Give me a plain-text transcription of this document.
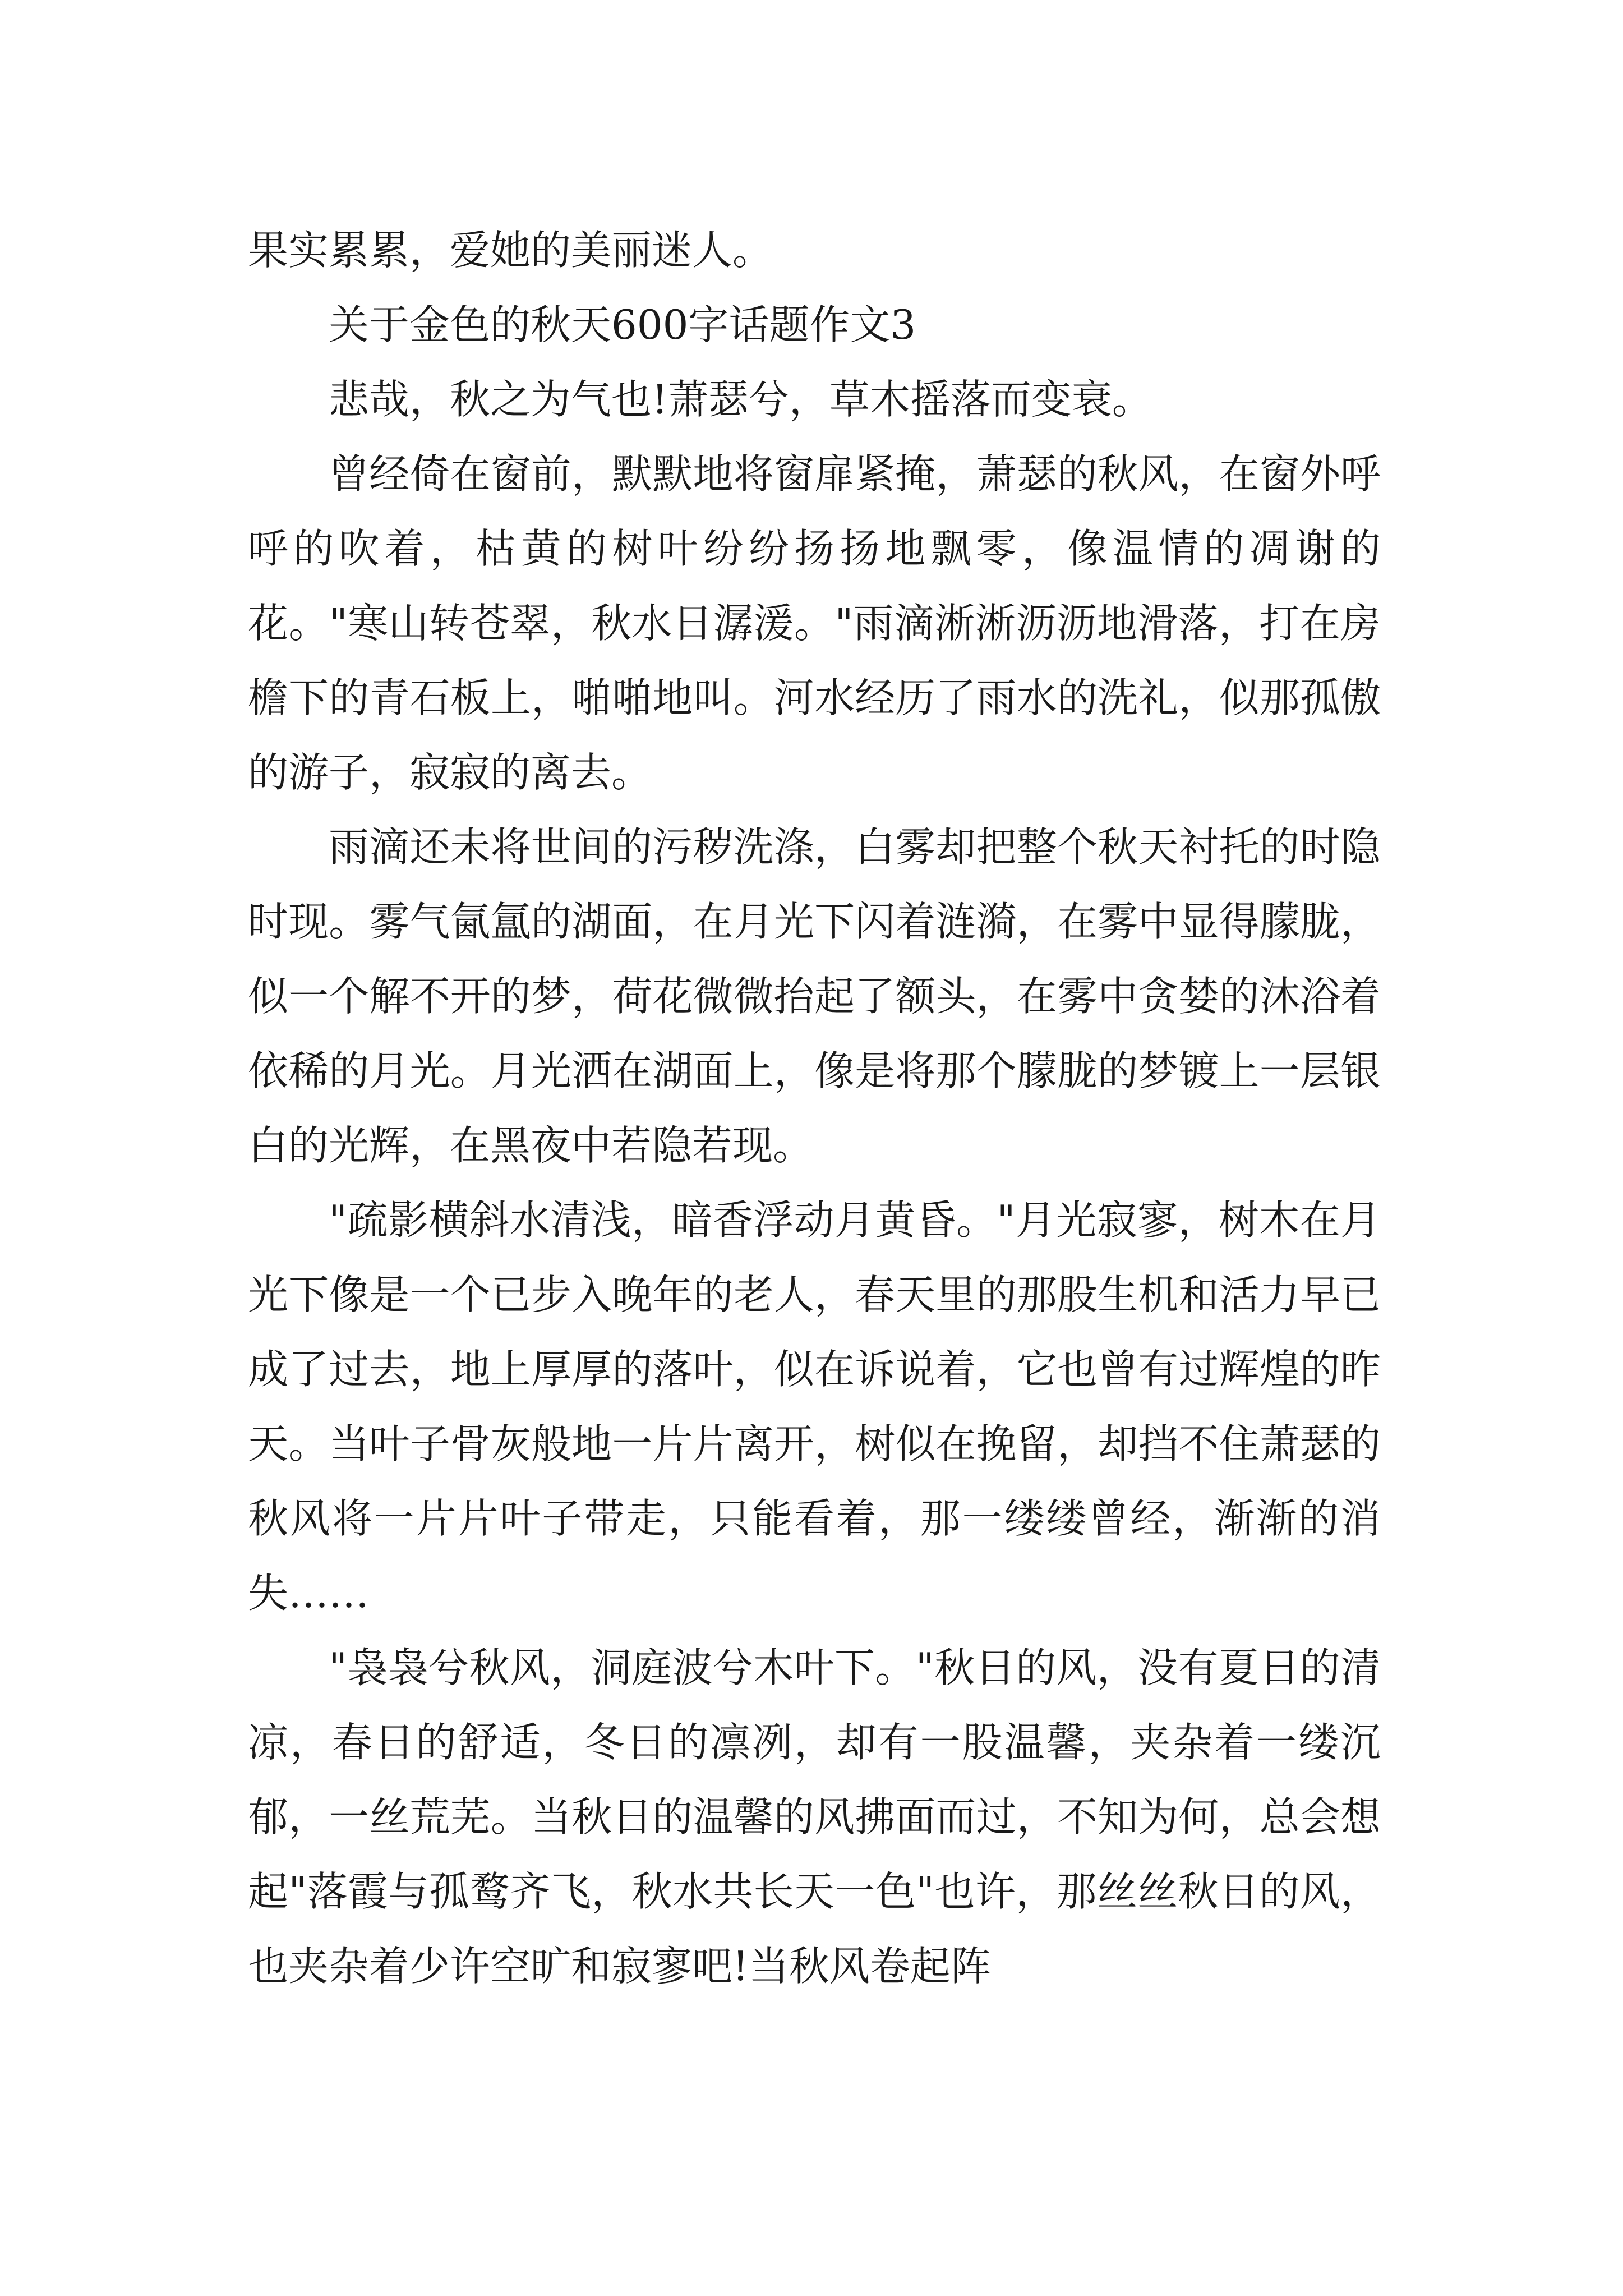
果实累累，爱她的美丽迷人。

关于金色的秋天600字话题作文3

悲哉，秋之为气也!萧瑟兮，草木摇落而变衰。

曾经倚在窗前，默默地将窗扉紧掩，萧瑟的秋风，在窗外呼呼的吹着，枯黄的树叶纷纷扬扬地飘零，像温情的凋谢的花。"寒山转苍翠，秋水日潺湲。"雨滴淅淅沥沥地滑落，打在房檐下的青石板上，啪啪地叫。河水经历了雨水的洗礼，似那孤傲的游子，寂寂的离去。

雨滴还未将世间的污秽洗涤，白雾却把整个秋天衬托的时隐时现。雾气氤氲的湖面，在月光下闪着涟漪，在雾中显得朦胧，似一个解不开的梦，荷花微微抬起了额头，在雾中贪婪的沐浴着依稀的月光。月光洒在湖面上，像是将那个朦胧的梦镀上一层银白的光辉，在黑夜中若隐若现。

"疏影横斜水清浅，暗香浮动月黄昏。"月光寂寥，树木在月光下像是一个已步入晚年的老人，春天里的那股生机和活力早已成了过去，地上厚厚的落叶，似在诉说着，它也曾有过辉煌的昨天。当叶子骨灰般地一片片离开，树似在挽留，却挡不住萧瑟的秋风将一片片叶子带走，只能看着，那一缕缕曾经，渐渐的消失……

"袅袅兮秋风，洞庭波兮木叶下。"秋日的风，没有夏日的清凉，春日的舒适，冬日的凛冽，却有一股温馨，夹杂着一缕沉郁，一丝荒芜。当秋日的温馨的风拂面而过，不知为何，总会想起"落霞与孤鹜齐飞，秋水共长天一色"也许，那丝丝秋日的风，也夹杂着少许空旷和寂寥吧!当秋风卷起阵
